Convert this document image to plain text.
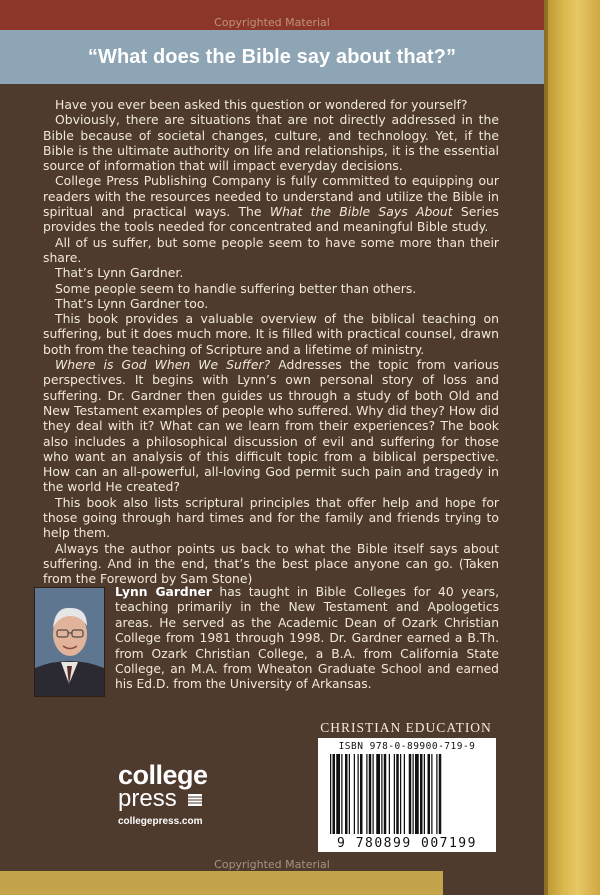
Copyrighted Material
“What does the Bible say about that?”

Have you ever been asked this question or wondered for yourself?

Obviously, there are situations that are not directly addressed in the Bible because of societal changes, culture, and technology. Yet, if the Bible is the ultimate authority on life and relationships, it is the essential source of information that will impact everyday decisions.

College Press Publishing Company is fully committed to equipping our readers with the resources needed to understand and utilize the Bible in spiritual and practical ways. The What the Bible Says About Series provides the tools needed for concentrated and meaningful Bible study.

All of us suffer, but some people seem to have some more than their share.

That’s Lynn Gardner.

Some people seem to handle suffering better than others.

That’s Lynn Gardner too.

This book provides a valuable overview of the biblical teaching on suffering, but it does much more. It is filled with practical counsel, drawn both from the teaching of Scripture and a lifetime of ministry.

Where is God When We Suffer? Addresses the topic from various perspectives. It begins with Lynn’s own personal story of loss and suffering. Dr. Gardner then guides us through a study of both Old and New Testament examples of people who suffered. Why did they? How did they deal with it? What can we learn from their experiences? The book also includes a philosophical discussion of evil and suffering for those who want an analysis of this difficult topic from a biblical perspective. How can an all-powerful, all-loving God permit such pain and tragedy in the world He created?

This book also lists scriptural principles that offer help and hope for those going through hard times and for the family and friends trying to help them.

Always the author points us back to what the Bible itself says about suffering. And in the end, that’s the best place anyone can go. (Taken from the Foreword by Sam Stone)

Lynn Gardner has taught in Bible Colleges for 40 years, teaching primarily in the New Testament and Apologetics areas. He served as the Academic Dean of Ozark Christian College from 1981 through 1998. Dr. Gardner earned a B.Th. from Ozark Christian College, a B.A. from California State College, an M.A. from Wheaton Graduate School and earned his Ed.D. from the University of Arkansas.
CHRISTIAN EDUCATION
ISBN 978-0-89900-719-9
9 780899 007199
college
press
collegepress.com
Copyrighted Material
